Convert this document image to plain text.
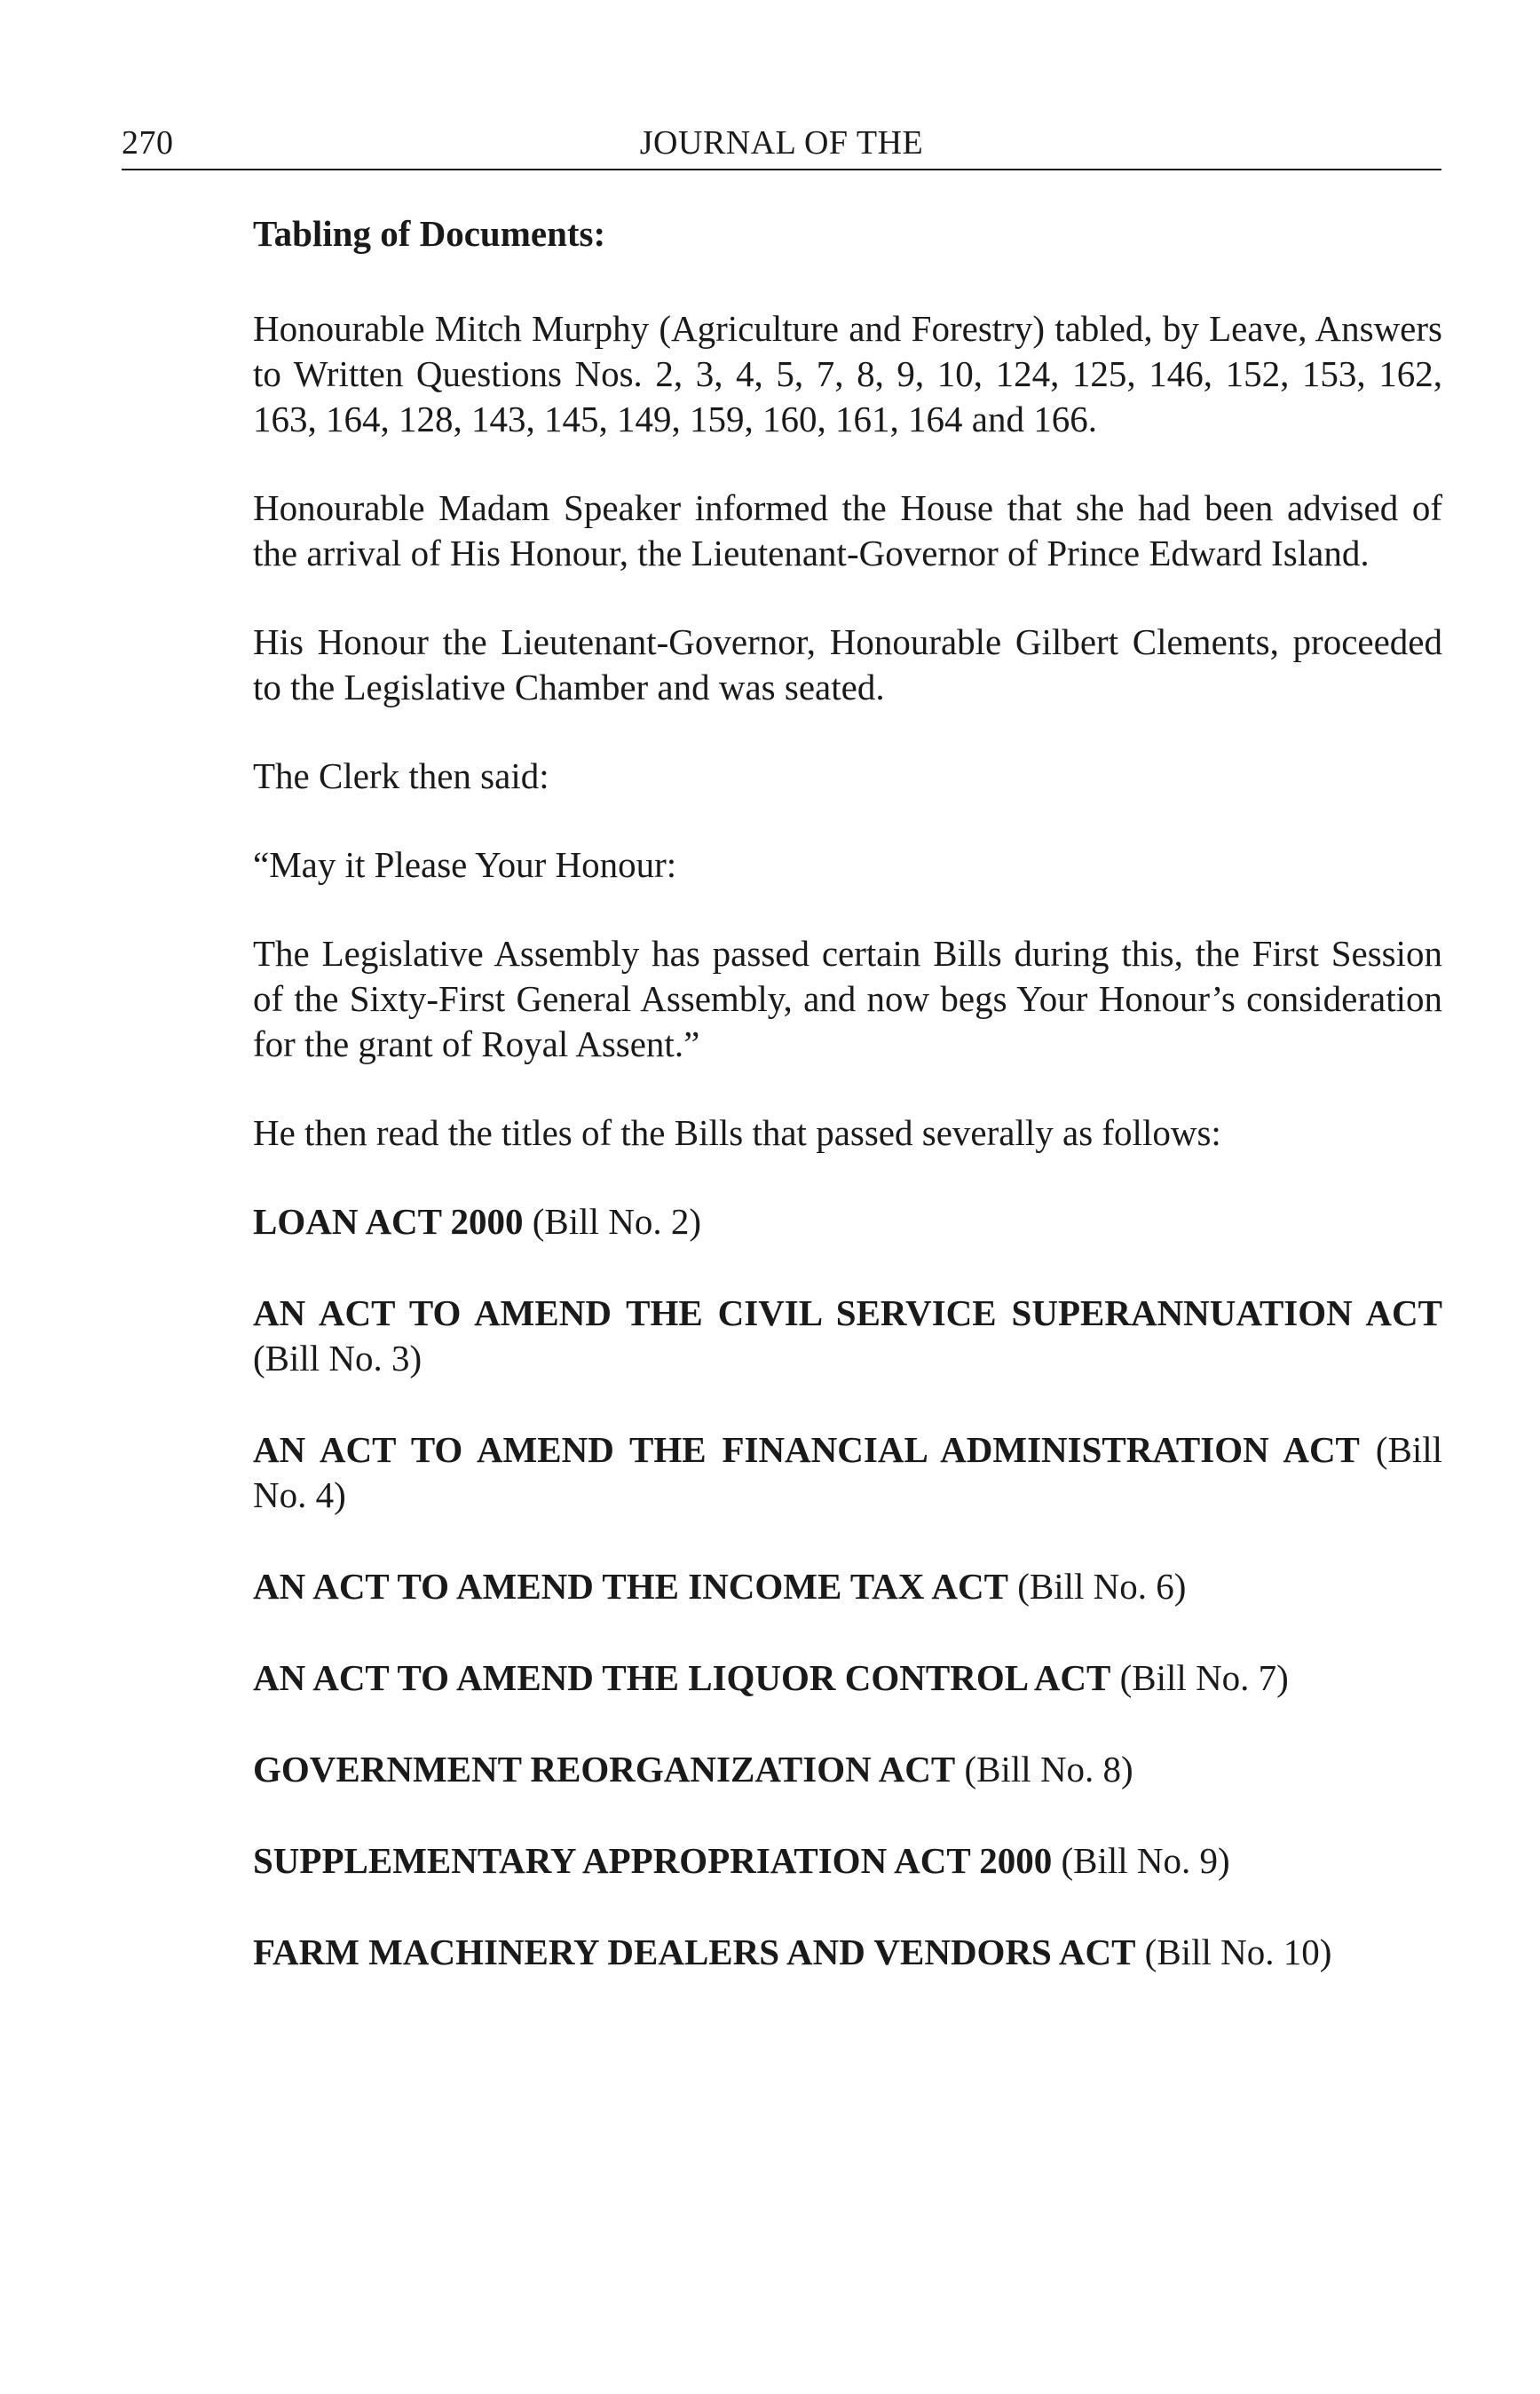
270	JOURNAL OF THE
Tabling of Documents:

Honourable Mitch Murphy (Agriculture and Forestry) tabled, by Leave, Answers to Written Questions Nos. 2, 3, 4, 5, 7, 8, 9, 10, 124, 125, 146, 152, 153, 162, 163, 164, 128, 143, 145, 149, 159, 160, 161, 164 and 166.

Honourable Madam Speaker informed the House that she had been advised of the arrival of His Honour, the Lieutenant-Governor of Prince Edward Island.

His Honour the Lieutenant-Governor, Honourable Gilbert Clements, proceeded to the Legislative Chamber and was seated.

The Clerk then said:

“May it Please Your Honour:

The Legislative Assembly has passed certain Bills during this, the First Session of the Sixty-First General Assembly, and now begs Your Honour’s consideration for the grant of Royal Assent.”

He then read the titles of the Bills that passed severally as follows:

LOAN ACT 2000 (Bill No. 2)
AN ACT TO AMEND THE CIVIL SERVICE SUPERANNUATION ACT (Bill No. 3)
AN ACT TO AMEND THE FINANCIAL ADMINISTRATION ACT (Bill No. 4)
AN ACT TO AMEND THE INCOME TAX ACT (Bill No. 6)
AN ACT TO AMEND THE LIQUOR CONTROL ACT (Bill No. 7)
GOVERNMENT REORGANIZATION ACT (Bill No. 8)
SUPPLEMENTARY APPROPRIATION ACT 2000 (Bill No. 9)
FARM MACHINERY DEALERS AND VENDORS ACT (Bill No. 10)
